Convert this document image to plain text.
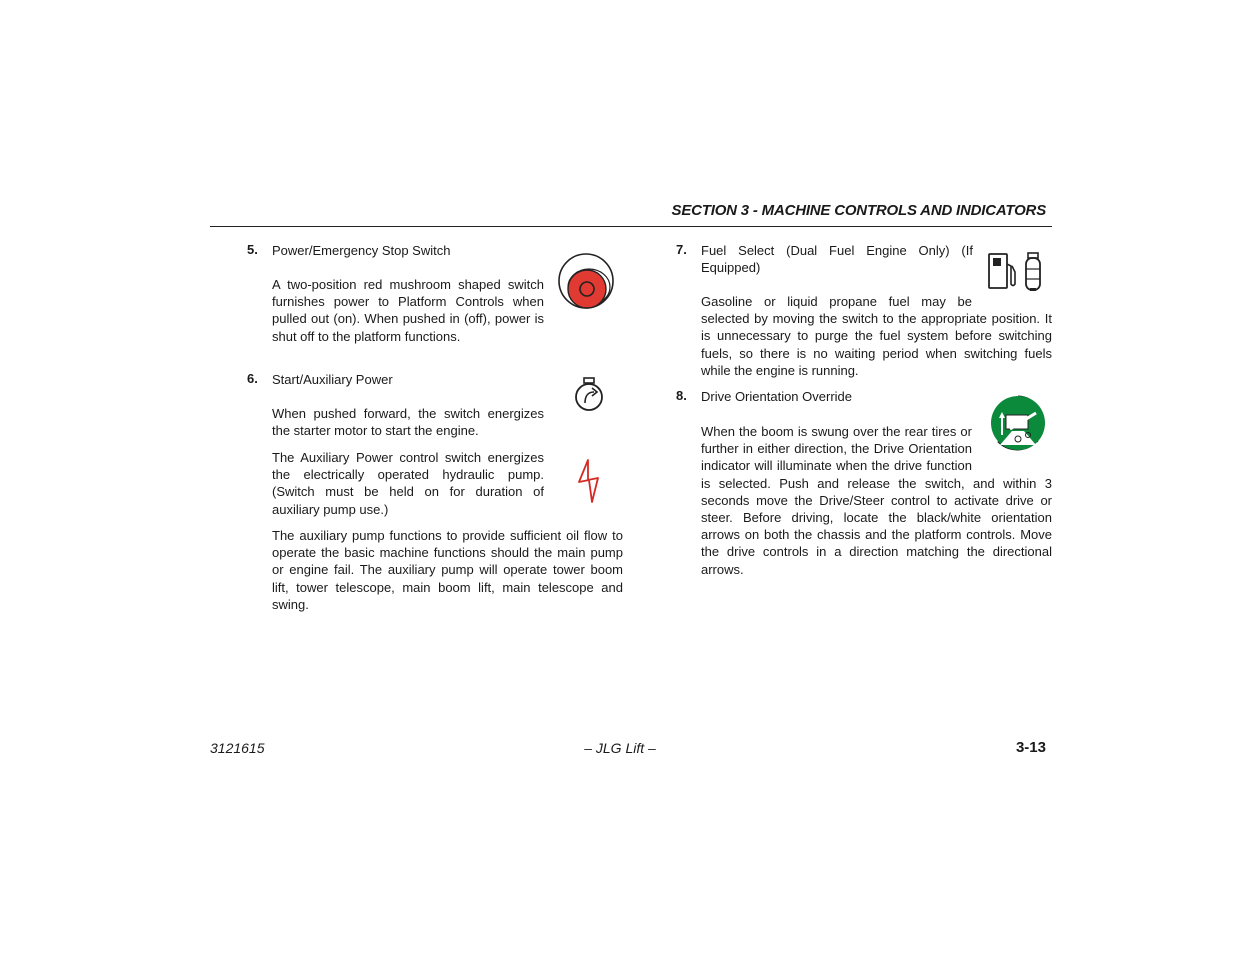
SECTION 3 - MACHINE CONTROLS AND INDICATORS
5. Power/Emergency Stop Switch
A two-position red mushroom shaped switch furnishes power to Platform Controls when pulled out (on). When pushed in (off), power is shut off to the platform functions.
6. Start/Auxiliary Power
When pushed forward, the switch energizes the starter motor to start the engine.
The Auxiliary Power control switch energizes the electrically operated hydraulic pump. (Switch must be held on for duration of auxiliary pump use.)
The auxiliary pump functions to provide sufficient oil flow to operate the basic machine functions should the main pump or engine fail. The auxiliary pump will operate tower boom lift, tower telescope, main boom lift, main telescope and swing.
7. Fuel Select (Dual Fuel Engine Only) (If Equipped)
Gasoline or liquid propane fuel may be selected by moving the switch to the appropriate position. It is unnecessary to purge the fuel system before switching fuels, so there is no waiting period when switching fuels while the engine is running.
8. Drive Orientation Override
When the boom is swung over the rear tires or further in either direction, the Drive Orientation indicator will illuminate when the drive function is selected. Push and release the switch, and within 3 seconds move the Drive/Steer control to activate drive or steer. Before driving, locate the black/white orientation arrows on both the chassis and the platform controls. Move the drive controls in a direction matching the directional arrows.
3121615	– JLG Lift –	3-13
